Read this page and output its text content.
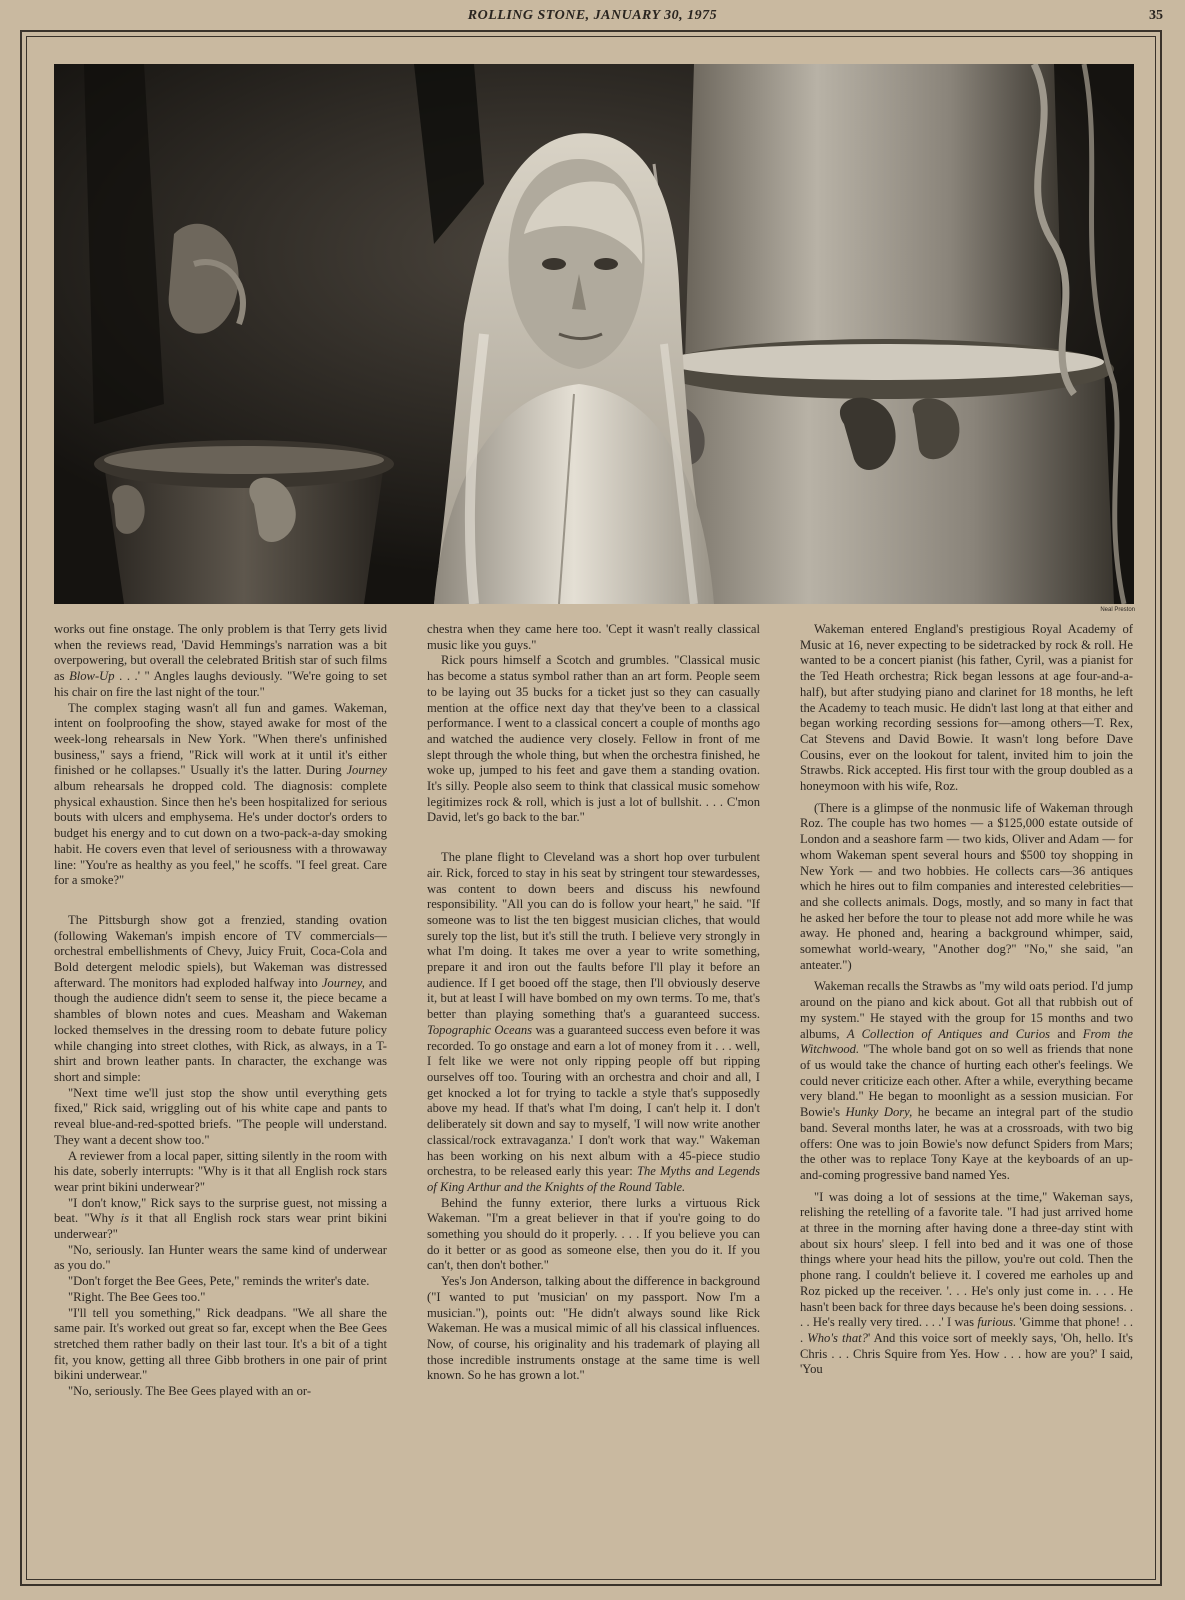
ROLLING STONE, JANUARY 30, 1975	35
Neal Preston

works out fine onstage. The only problem is that Terry gets livid when the reviews read, 'David Hemmings's narration was a bit overpowering, but overall the celebrated British star of such films as Blow-Up . . .' " Angles laughs deviously. "We're going to set his chair on fire the last night of the tour."

The complex staging wasn't all fun and games. Wakeman, intent on foolproofing the show, stayed awake for most of the week-long rehearsals in New York. "When there's unfinished business," says a friend, "Rick will work at it until it's either finished or he collapses." Usually it's the latter. During Journey album rehearsals he dropped cold. The diagnosis: complete physical exhaustion. Since then he's been hospitalized for serious bouts with ulcers and emphysema. He's under doctor's orders to budget his energy and to cut down on a two-pack-a-day smoking habit. He covers even that level of seriousness with a throwaway line: "You're as healthy as you feel," he scoffs. "I feel great. Care for a smoke?"

The Pittsburgh show got a frenzied, standing ovation (following Wakeman's impish encore of TV commercials—orchestral embellishments of Chevy, Juicy Fruit, Coca-Cola and Bold detergent melodic spiels), but Wakeman was distressed afterward. The monitors had exploded halfway into Journey, and though the audience didn't seem to sense it, the piece became a shambles of blown notes and cues. Measham and Wakeman locked themselves in the dressing room to debate future policy while changing into street clothes, with Rick, as always, in a T-shirt and brown leather pants. In character, the exchange was short and simple:

"Next time we'll just stop the show until everything gets fixed," Rick said, wriggling out of his white cape and pants to reveal blue-and-red-spotted briefs. "The people will understand. They want a decent show too."

A reviewer from a local paper, sitting silently in the room with his date, soberly interrupts: "Why is it that all English rock stars wear print bikini underwear?"

"I don't know," Rick says to the surprise guest, not missing a beat. "Why is it that all English rock stars wear print bikini underwear?"

"No, seriously. Ian Hunter wears the same kind of underwear as you do."

"Don't forget the Bee Gees, Pete," reminds the writer's date.

"Right. The Bee Gees too."

"I'll tell you something," Rick deadpans. "We all share the same pair. It's worked out great so far, except when the Bee Gees stretched them rather badly on their last tour. It's a bit of a tight fit, you know, getting all three Gibb brothers in one pair of print bikini underwear."

"No, seriously. The Bee Gees played with an or-

chestra when they came here too. 'Cept it wasn't really classical music like you guys."

Rick pours himself a Scotch and grumbles. "Classical music has become a status symbol rather than an art form. People seem to be laying out 35 bucks for a ticket just so they can casually mention at the office next day that they've been to a classical performance. I went to a classical concert a couple of months ago and watched the audience very closely. Fellow in front of me slept through the whole thing, but when the orchestra finished, he woke up, jumped to his feet and gave them a standing ovation. It's silly. People also seem to think that classical music somehow legitimizes rock & roll, which is just a lot of bullshit. . . . C'mon David, let's go back to the bar."

The plane flight to Cleveland was a short hop over turbulent air. Rick, forced to stay in his seat by stringent tour stewardesses, was content to down beers and discuss his newfound responsibility. "All you can do is follow your heart," he said. "If someone was to list the ten biggest musician cliches, that would surely top the list, but it's still the truth. I believe very strongly in what I'm doing. It takes me over a year to write something, prepare it and iron out the faults before I'll play it before an audience. If I get booed off the stage, then I'll obviously deserve it, but at least I will have bombed on my own terms. To me, that's better than playing something that's a guaranteed success. Topographic Oceans was a guaranteed success even before it was recorded. To go onstage and earn a lot of money from it . . . well, I felt like we were not only ripping people off but ripping ourselves off too. Touring with an orchestra and choir and all, I get knocked a lot for trying to tackle a style that's supposedly above my head. If that's what I'm doing, I can't help it. I don't deliberately sit down and say to myself, 'I will now write another classical/rock extravaganza.' I don't work that way." Wakeman has been working on his next album with a 45-piece studio orchestra, to be released early this year: The Myths and Legends of King Arthur and the Knights of the Round Table.

Behind the funny exterior, there lurks a virtuous Rick Wakeman. "I'm a great believer in that if you're going to do something you should do it properly. . . . If you believe you can do it better or as good as someone else, then you do it. If you can't, then don't bother."

Yes's Jon Anderson, talking about the difference in background ("I wanted to put 'musician' on my passport. Now I'm a musician."), points out: "He didn't always sound like Rick Wakeman. He was a musical mimic of all his classical influences. Now, of course, his originality and his trademark of playing all those incredible instruments onstage at the same time is well known. So he has grown a lot."

Wakeman entered England's prestigious Royal Academy of Music at 16, never expecting to be sidetracked by rock & roll. He wanted to be a concert pianist (his father, Cyril, was a pianist for the Ted Heath orchestra; Rick began lessons at age four-and-a-half), but after studying piano and clarinet for 18 months, he left the Academy to teach music. He didn't last long at that either and began working recording sessions for—among others—T. Rex, Cat Stevens and David Bowie. It wasn't long before Dave Cousins, ever on the lookout for talent, invited him to join the Strawbs. Rick accepted. His first tour with the group doubled as a honeymoon with his wife, Roz.

(There is a glimpse of the nonmusic life of Wakeman through Roz. The couple has two homes — a $125,000 estate outside of London and a seashore farm — two kids, Oliver and Adam — for whom Wakeman spent several hours and $500 toy shopping in New York — and two hobbies. He collects cars—36 antiques which he hires out to film companies and interested celebrities—and she collects animals. Dogs, mostly, and so many in fact that he asked her before the tour to please not add more while he was away. He phoned and, hearing a background whimper, said, somewhat world-weary, "Another dog?" "No," she said, "an anteater.")

Wakeman recalls the Strawbs as "my wild oats period. I'd jump around on the piano and kick about. Got all that rubbish out of my system." He stayed with the group for 15 months and two albums, A Collection of Antiques and Curios and From the Witchwood. "The whole band got on so well as friends that none of us would take the chance of hurting each other's feelings. We could never criticize each other. After a while, everything became very bland." He began to moonlight as a session musician. For Bowie's Hunky Dory, he became an integral part of the studio band. Several months later, he was at a crossroads, with two big offers: One was to join Bowie's now defunct Spiders from Mars; the other was to replace Tony Kaye at the keyboards of an up-and-coming progressive band named Yes.

"I was doing a lot of sessions at the time," Wakeman says, relishing the retelling of a favorite tale. "I had just arrived home at three in the morning after having done a three-day stint with about six hours' sleep. I fell into bed and it was one of those things where your head hits the pillow, you're out cold. Then the phone rang. I couldn't believe it. I covered me earholes up and Roz picked up the receiver. '. . . He's only just come in. . . . He hasn't been back for three days because he's been doing sessions. . . . He's really very tired. . . .' I was furious. 'Gimme that phone! . . . Who's that?' And this voice sort of meekly says, 'Oh, hello. It's Chris . . . Chris Squire from Yes. How . . . how are you?' I said, 'You
